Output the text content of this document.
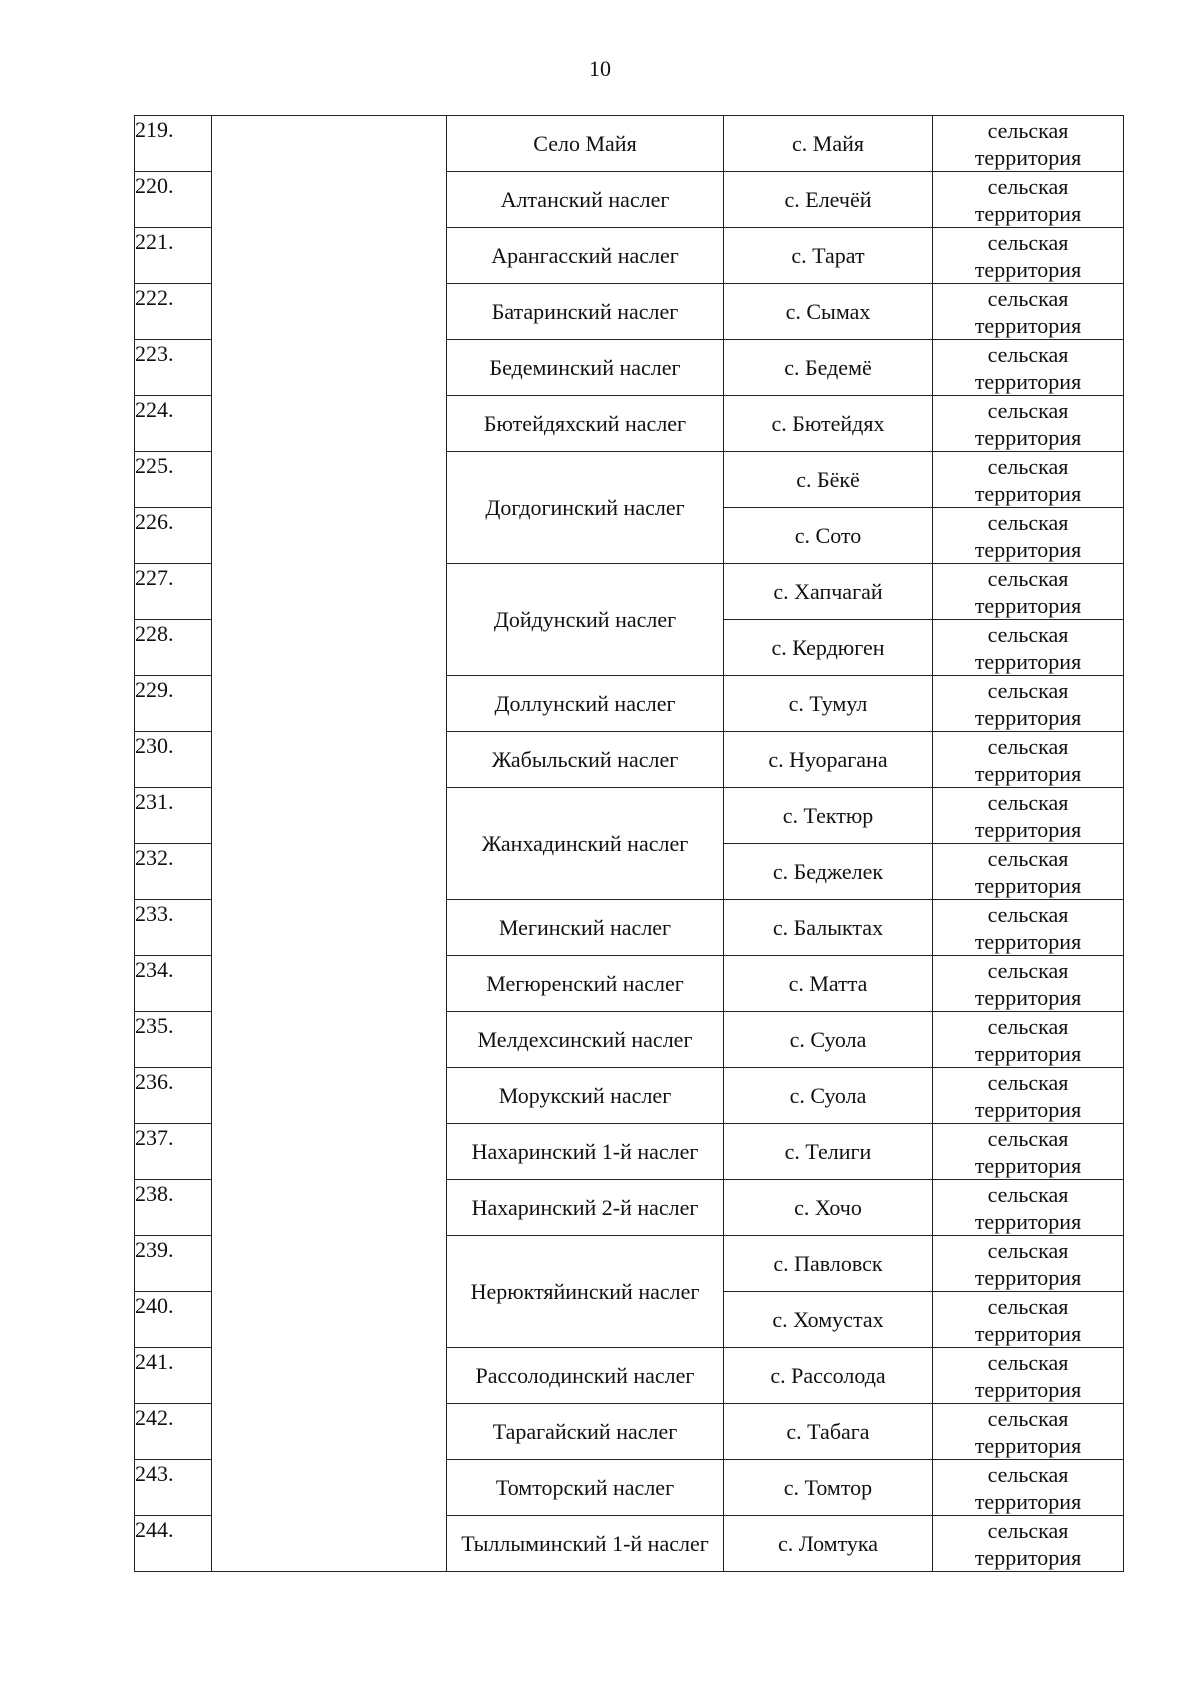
10
219.		Село Майя	с. Майя	сельская территория
220.		Алтанский наслег	с. Елечёй	сельская территория
221.		Арангасский наслег	с. Тарат	сельская территория
222.		Батаринский наслег	с. Сымах	сельская территория
223.		Бедеминский наслег	с. Бедемё	сельская территория
224.		Бютейдяхский наслег	с. Бютейдях	сельская территория
225.		Догдогинский наслег	с. Бёкё	сельская территория
226.			с. Сото	сельская территория
227.		Дойдунский наслег	с. Хапчагай	сельская территория
228.			с. Кердюген	сельская территория
229.		Доллунский наслег	с. Тумул	сельская территория
230.		Жабыльский наслег	с. Нуорагана	сельская территория
231.		Жанхадинский наслег	с. Тектюр	сельская территория
232.			с. Беджелек	сельская территория
233.		Мегинский наслег	с. Балыктах	сельская территория
234.		Мегюренский наслег	с. Матта	сельская территория
235.		Мелдехсинский наслег	с. Суола	сельская территория
236.		Морукский наслег	с. Суола	сельская территория
237.		Нахаринский 1-й наслег	с. Телиги	сельская территория
238.		Нахаринский 2-й наслег	с. Хочо	сельская территория
239.		Нерюктяйинский наслег	с. Павловск	сельская территория
240.			с. Хомустах	сельская территория
241.		Рассолодинский наслег	с. Рассолода	сельская территория
242.		Тарагайский наслег	с. Табага	сельская территория
243.		Томторский наслег	с. Томтор	сельская территория
244.		Тыллыминский 1-й наслег	с. Ломтука	сельская территория
